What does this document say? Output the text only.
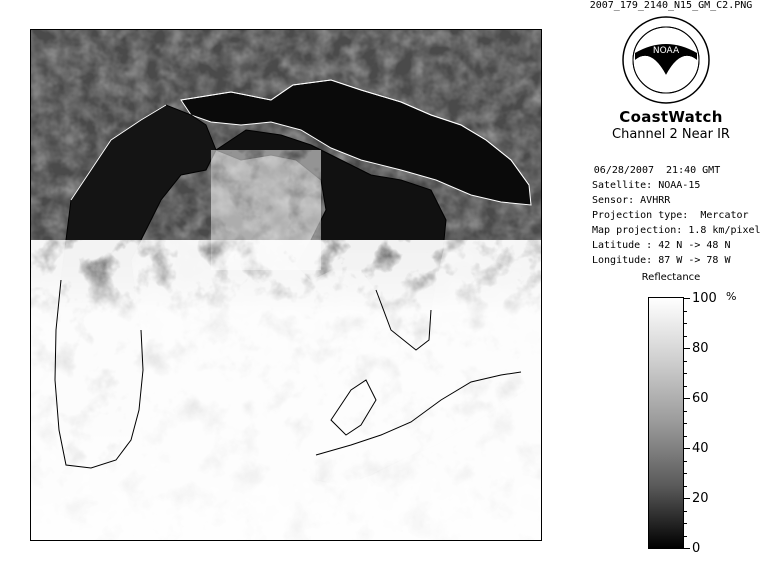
NOAA
CoastWatch
Channel 2 Near IR
2007_179_2140_N15_GM_C2.PNG
06/28/2007  21:40 GMT
Satellite: NOAA-15
Sensor: AVHRR
Projection type:  Mercator
Map projection: 1.8 km/pixel
Latitude : 42 N -> 48 N
Longitude: 87 W -> 78 W
Reflectance
%
100
80
60
40
20
0
